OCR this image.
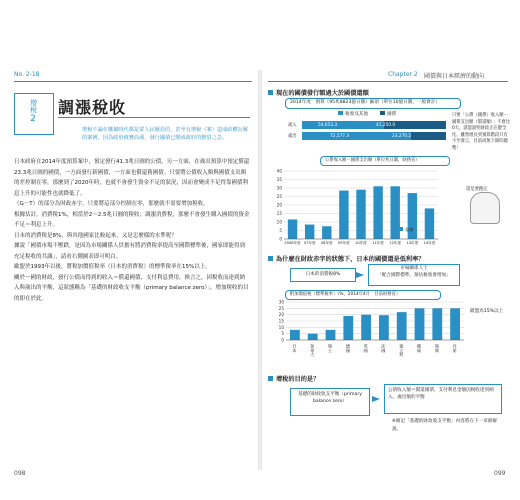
No. 2-18
增稅
2
調漲稅收
增稅不論在哪個時代都是眾人民厭惡的，甚至有增稅（案）造成政權瓦解的案例。因為政府債務高漲，發行國債已變成政府的燃眉之急。

日本政府在2014年度預算案中，預定發行41.3兆日圓的公債，另一方面，在歲出預算中預定償還23.3兆日圓的國債，一方面發行新國債，一方面也償還舊國債。只要將公債收入額與國債支出額的差控制在零，那麼到了2020年時，也就不會發生資金不足的狀況，因而會變成不足得靠國債利息上升的可能性也就降低了。

（G－T）的部分為財政赤字，只要將這部分控制在零，那麼就不需要增加稅收。

根據估計，消費稅1%，相當於2～2.5兆日圓的稅收；調漲消費稅，那麼不會發生購入國債的資金不足＝利息上升。

日本的消費稅是8%，與其他國家比較起來，又是怎麼樣的水準呢？

據說「國債市場不壓跌，是因為市場關係人員擔有將消費稅率提高至國際標準後，國家即能得到充足稅收的共識」，請看右側圖表即可明白。

歐盟於1993年以後，將稅加價值稅率（日本的消費稅）的標準稅率在15%以上。

關於一國的財政，發行公債而得到的收入＝償還國債、支付利息費用，換言之，因稅收而達到納入與歲出的平衡，這狀態稱為「基礎的財政收支平衡（primary balance zero）」，增加稅收的目的即在於此。

098
Chapter 2 國債與日本經濟的動向
現在的國債發行額過大於國債還額
2014年度　預算（95兆8823億日圓）細項（單位10億日圓，一般會計）
稅收及其他	國債
歲入	54,653.3	41,250.0
歲出	72,577.3	23,270.2
只要「公債（國債）收入額－國債支出額（償還額）」不會比0大，就能說明財政正在健全化。雖然增長到預算階段只有不至發言，目前尚無下降的趨勢！
還是要跑完
公債收入額－國債支出額（單位兆日圓，財務省）
0
5
10
15
20
25
30
35
40
2006年度 07年度 08年度 09年度 10年度 11年度 12年度 13年度 14年度
差額
為什麼在財政赤字的狀態下，日本的國債還是低利率？
日本的消費稅8%
市場關係人士
「配合國際標準，預估稅收會增加」
附加價值稅（標準稅率）（%，2014年4月　目前財務省）
0
5
10
15
20
25
30
日本	加拿大	瑞士	德國	英國	法國	義大利	挪威	瑞典	丹麥
歐盟為15%以上
增稅的目的是？
基礎的財政收支平衡（primary balance zero）
公債收入額＝償還國債、支付利息金額因稅收達到納入、處出額的平衡
※簡記「基礎的財政收支平衡」內容將在下一章節解說。
099
